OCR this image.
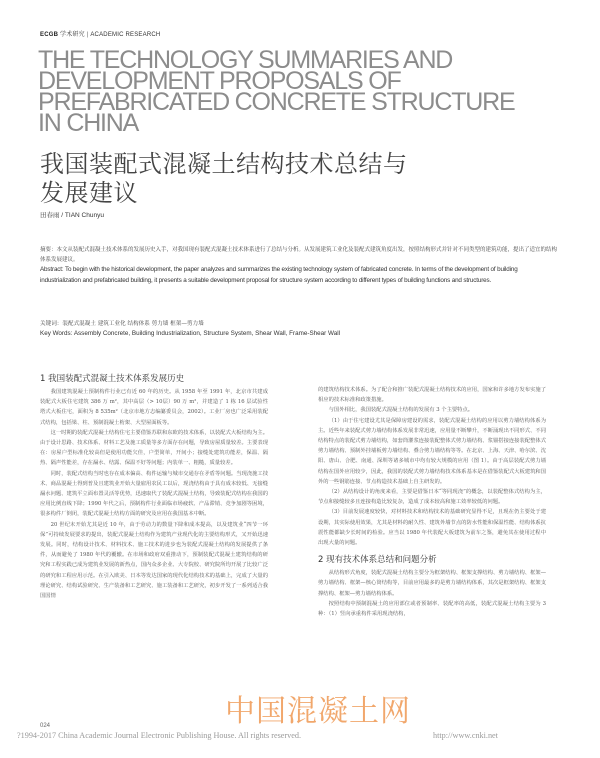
ECGB 学术研究 | ACADEMIC RESEARCH
THE TECHNOLOGY SUMMARIES AND
DEVELOPMENT PROPOSALS OF
PREFABRICATED CONCRETE STRUCTURE
IN CHINA
我国装配式混凝土结构技术总结与
发展建议
田春雨 / TIAN Chunyu

摘要：本文从装配式混凝土技术体系的发展历史入手，对我国现有装配式混凝土技术体系进行了总结与分析。从发展建筑工业化及装配式建筑角度出发，按照结构形式并针对不同类型的建筑功能，提出了适宜的结构体系发展建议。

Abstract: To begin with the historical development, the paper analyzes and summarizes the existing technology system of fabricated concrete. In terms of the development of building industrialization and prefabricated building, it presents a suitable development proposal for structure system according to different types of building functions and structures.

关键词：装配式混凝土 建筑工业化 结构体系 剪力墙 框架—剪力墙

Key Words: Assembly Concrete, Building Industrialization, Structure System, Shear Wall, Frame-Shear Wall

1 我国装配式混凝土技术体系发展历史

我国建筑混凝土预制构件行业已有近 60 年的历史。从 1958 年至 1991 年，北京市共建成装配式大板住宅建筑 386 万 m²，其中高层（> 10层）90 万 m²，并建造了 1 栋 16 层试验性塔式大板住宅，面积为 8 535m²（北京市地方志编纂委员会，2002）。工业厂房也广泛采用装配式结构，包括梁、柱、预制混凝土桁架、大型屋面板等。

这一时期的装配式混凝土结构住宅主要借鉴苏联和东欧的技术体系，以装配式大板结构为主。由于设计思路、技术体系、材料工艺及施工质量等多方面存在问题，导致房屋质量较差。主要表现在：房屋户型标准化较高但是使用功能欠佳，户型简单，开间小；接缝处建筑功能差，保温、隔热、隔声性能差，存在漏水、结露、保温不好等问题；内装单一、粗糙，质量较差。

同时，装配式结构当时也存在成本偏高、构件运输与城市交通存在矛盾等问题。当现浇施工技术、商品混凝土得到普及且建筑业开始大量雇用农民工以后，现浇结构由于具有成本较低、无接缝漏水问题、建筑平立面布置灵活等优势，迅速取代了装配式混凝土结构，导致装配式结构在我国的应用比例直线下降；1990 年代之后，预制构件行业面临市场疲软、产品滞销、竞争加剧等困境，很多构件厂倒闭，装配式混凝土结构方面的研究及应用在我国基本中断。

20 世纪末开始尤其是近 10 年，由于劳动力的数量下降和成本提高，以及建筑业“四节一环保”可持续发展要求的提出，装配式混凝土结构作为建筑产业现代化的主要结构形式，又开始迅速发展。同时，结构设计技术、材料技术、施工技术的进步也为装配式混凝土结构的发展提供了条件，从而避免了 1980 年代的覆辙。在市场和政府双重推动下，预制装配式混凝土建筑结构的研究和工程实践已成为建筑业发展的新热点，国内众多企业、大专院校、研究院所均开展了比较广泛的研究和工程应用示范。在引入欧美、日本等发达国家的现代化结构技术的基础上，完成了大量的理论研究、结构试验研究、生产装备和工艺研究、施工装备和工艺研究，初步开发了一系列适合我国国情

的建筑结构技术体系。为了配合和推广装配式混凝土结构技术的应用，国家和许多地方发布实施了相应的技术标准和政策措施。

与国外相比，我国装配式混凝土结构的发展有 3 个主要特点。

（1）由于住宅建设尤其是保障房建设的需求，装配式混凝土结构的应用以剪力墙结构体系为主。近些年来装配式剪力墙结构体系发展非常迅速，应用量不断攀升，不断涌现出不同形式、不同结构特点的装配式剪力墙结构，如套筒灌浆连接装配整体式剪力墙结构、浆锚搭接连接装配整体式剪力墙结构、预制外挂墙板剪力墙结构、叠合剪力墙结构等等。在北京、上海、天津、哈尔滨、沈阳、唐山、合肥、南通、深圳等诸多城市中均有较大规模的应用（图 1）。由于高层装配式剪力墙结构在国外应用较少，因此，我国的装配式剪力墙结构技术体系基本是在借鉴装配式大板建筑和国外的一些钢筋连接、节点构造技术基础上自主研发的。

（2）从结构设计的角度来看，主要是借鉴日本“等同现浇”的概念，以装配整体式结构为主，节点和接缝较多且连接构造比较复杂，造成了成本较高和施工效率较低的问题。

（3）目前发展速度较快，对材料技术和结构技术的基础研究显得不足，且现在仍主要处于建设期，其实际使用效果，尤其是材料的耐久性、建筑外墙节点的防水性能和保温性能、结构体系抗震性能都缺少长时间的检验。应当以 1980 年代装配大板建筑为前车之鉴，避免其在使用过程中出现大量的问题。

2 现有技术体系总结和问题分析

从结构形式角度，装配式混凝土结构主要分为框架结构、框架支撑结构、剪力墙结构、框架—剪力墙结构、框架—核心筒结构等，目前应用最多的是剪力墙结构体系，其次是框架结构、框架支撑结构、框架—剪力墙结构体系。

按照结构中预制混凝土的应用部位或者预制率、装配率的高低，装配式混凝土结构主要为 3 种：（1）竖向承重构件采用现浇结构，

中国混凝土网
024
?1994-2017 China Academic Journal Electronic Publishing House. All rights reserved.	http://www.cnki.net
